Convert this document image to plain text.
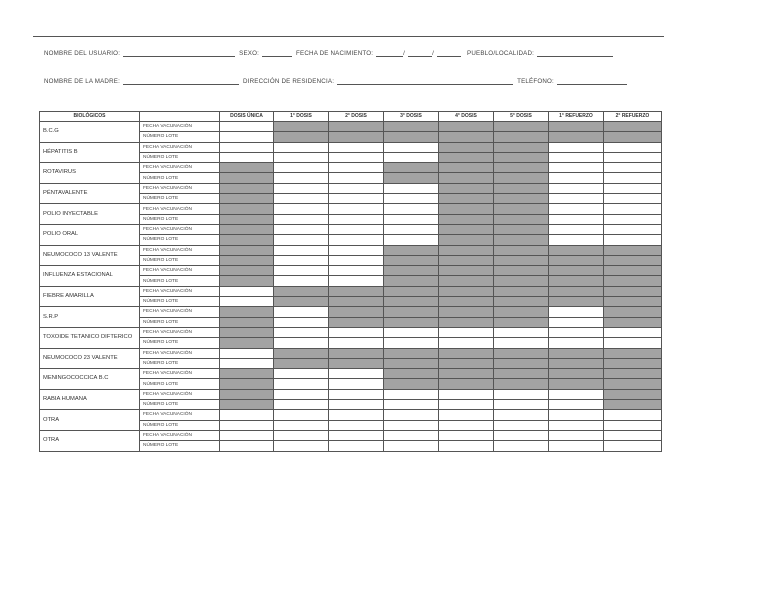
NOMBRE DEL USUARIO:	SEXO:	FECHA DE NACIMIENTO:	/	/	PUEBLO/LOCALIDAD:
NOMBRE DE LA MADRE:	DIRECCIÓN DE RESIDENCIA:	TELÉFONO:
BIOLÓGICOS		DOSIS ÚNICA	1° DOSIS	2° DOSIS	3° DOSIS	4° DOSIS	5° DOSIS	1° REFUERZO	2° REFUERZO
B.C.G	FECHA VACUNACIÓN								
	NÚMERO LOTE								
HÉPATITIS B	FECHA VACUNACIÓN								
	NÚMERO LOTE								
ROTAVIRUS	FECHA VACUNACIÓN								
	NÚMERO LOTE								
PÉNTAVALENTE	FECHA VACUNACIÓN								
	NÚMERO LOTE								
POLIO INYECTABLE	FECHA VACUNACIÓN								
	NÚMERO LOTE								
POLIO ORAL	FECHA VACUNACIÓN								
	NÚMERO LOTE								
NEUMOCOCO 13 VALENTE	FECHA VACUNACIÓN								
	NÚMERO LOTE								
INFLUENZA ESTACIONAL	FECHA VACUNACIÓN								
	NÚMERO LOTE								
FIEBRE AMARILLA	FECHA VACUNACIÓN								
	NÚMERO LOTE								
S.R.P	FECHA VACUNACIÓN								
	NÚMERO LOTE								
TOXOIDE TETANICO DIFTERICO	FECHA VACUNACIÓN								
	NÚMERO LOTE								
NEUMOCOCO 23 VALENTE	FECHA VACUNACIÓN								
	NÚMERO LOTE								
MENINGOCOCCICA B.C	FECHA VACUNACIÓN								
	NÚMERO LOTE								
RABIA HUMANA	FECHA VACUNACIÓN								
	NÚMERO LOTE								
OTRA	FECHA VACUNACIÓN								
	NÚMERO LOTE								
OTRA	FECHA VACUNACIÓN								
	NÚMERO LOTE								
